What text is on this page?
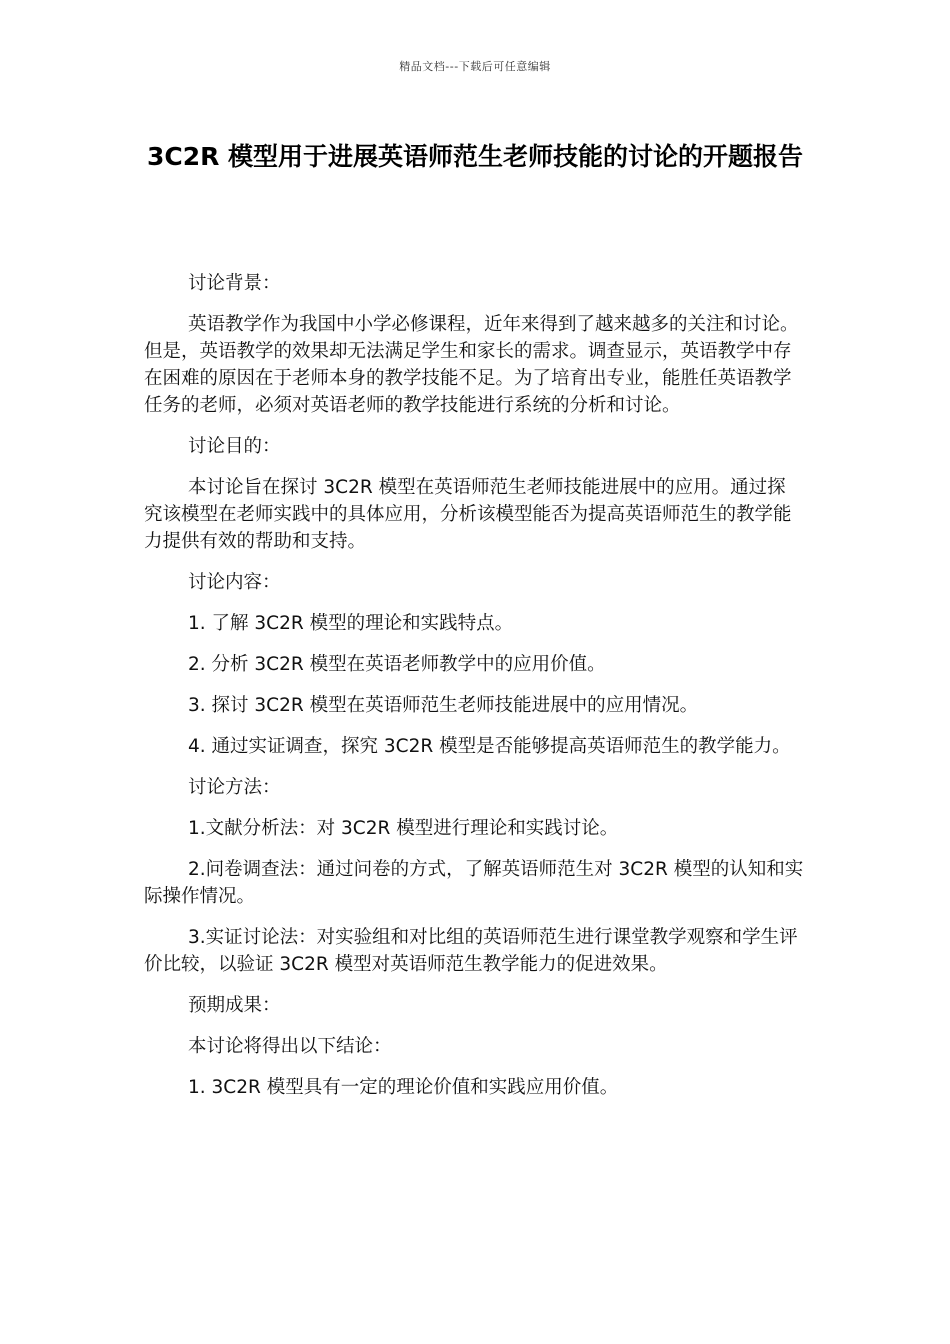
精品文档---下载后可任意编辑
3C2R 模型用于进展英语师范生老师技能的讨论的开题报告

讨论背景：

英语教学作为我国中小学必修课程，近年来得到了越来越多的关注和讨论。但是，英语教学的效果却无法满足学生和家长的需求。调查显示，英语教学中存在困难的原因在于老师本身的教学技能不足。为了培育出专业，能胜任英语教学任务的老师，必须对英语老师的教学技能进行系统的分析和讨论。

讨论目的：

本讨论旨在探讨 3C2R 模型在英语师范生老师技能进展中的应用。通过探究该模型在老师实践中的具体应用，分析该模型能否为提高英语师范生的教学能力提供有效的帮助和支持。

讨论内容：

1. 了解 3C2R 模型的理论和实践特点。

2. 分析 3C2R 模型在英语老师教学中的应用价值。

3. 探讨 3C2R 模型在英语师范生老师技能进展中的应用情况。

4. 通过实证调查，探究 3C2R 模型是否能够提高英语师范生的教学能力。

讨论方法：

1.文献分析法：对 3C2R 模型进行理论和实践讨论。

2.问卷调查法：通过问卷的方式，了解英语师范生对 3C2R 模型的认知和实际操作情况。

3.实证讨论法：对实验组和对比组的英语师范生进行课堂教学观察和学生评价比较，以验证 3C2R 模型对英语师范生教学能力的促进效果。

预期成果：

本讨论将得出以下结论：

1. 3C2R 模型具有一定的理论价值和实践应用价值。
